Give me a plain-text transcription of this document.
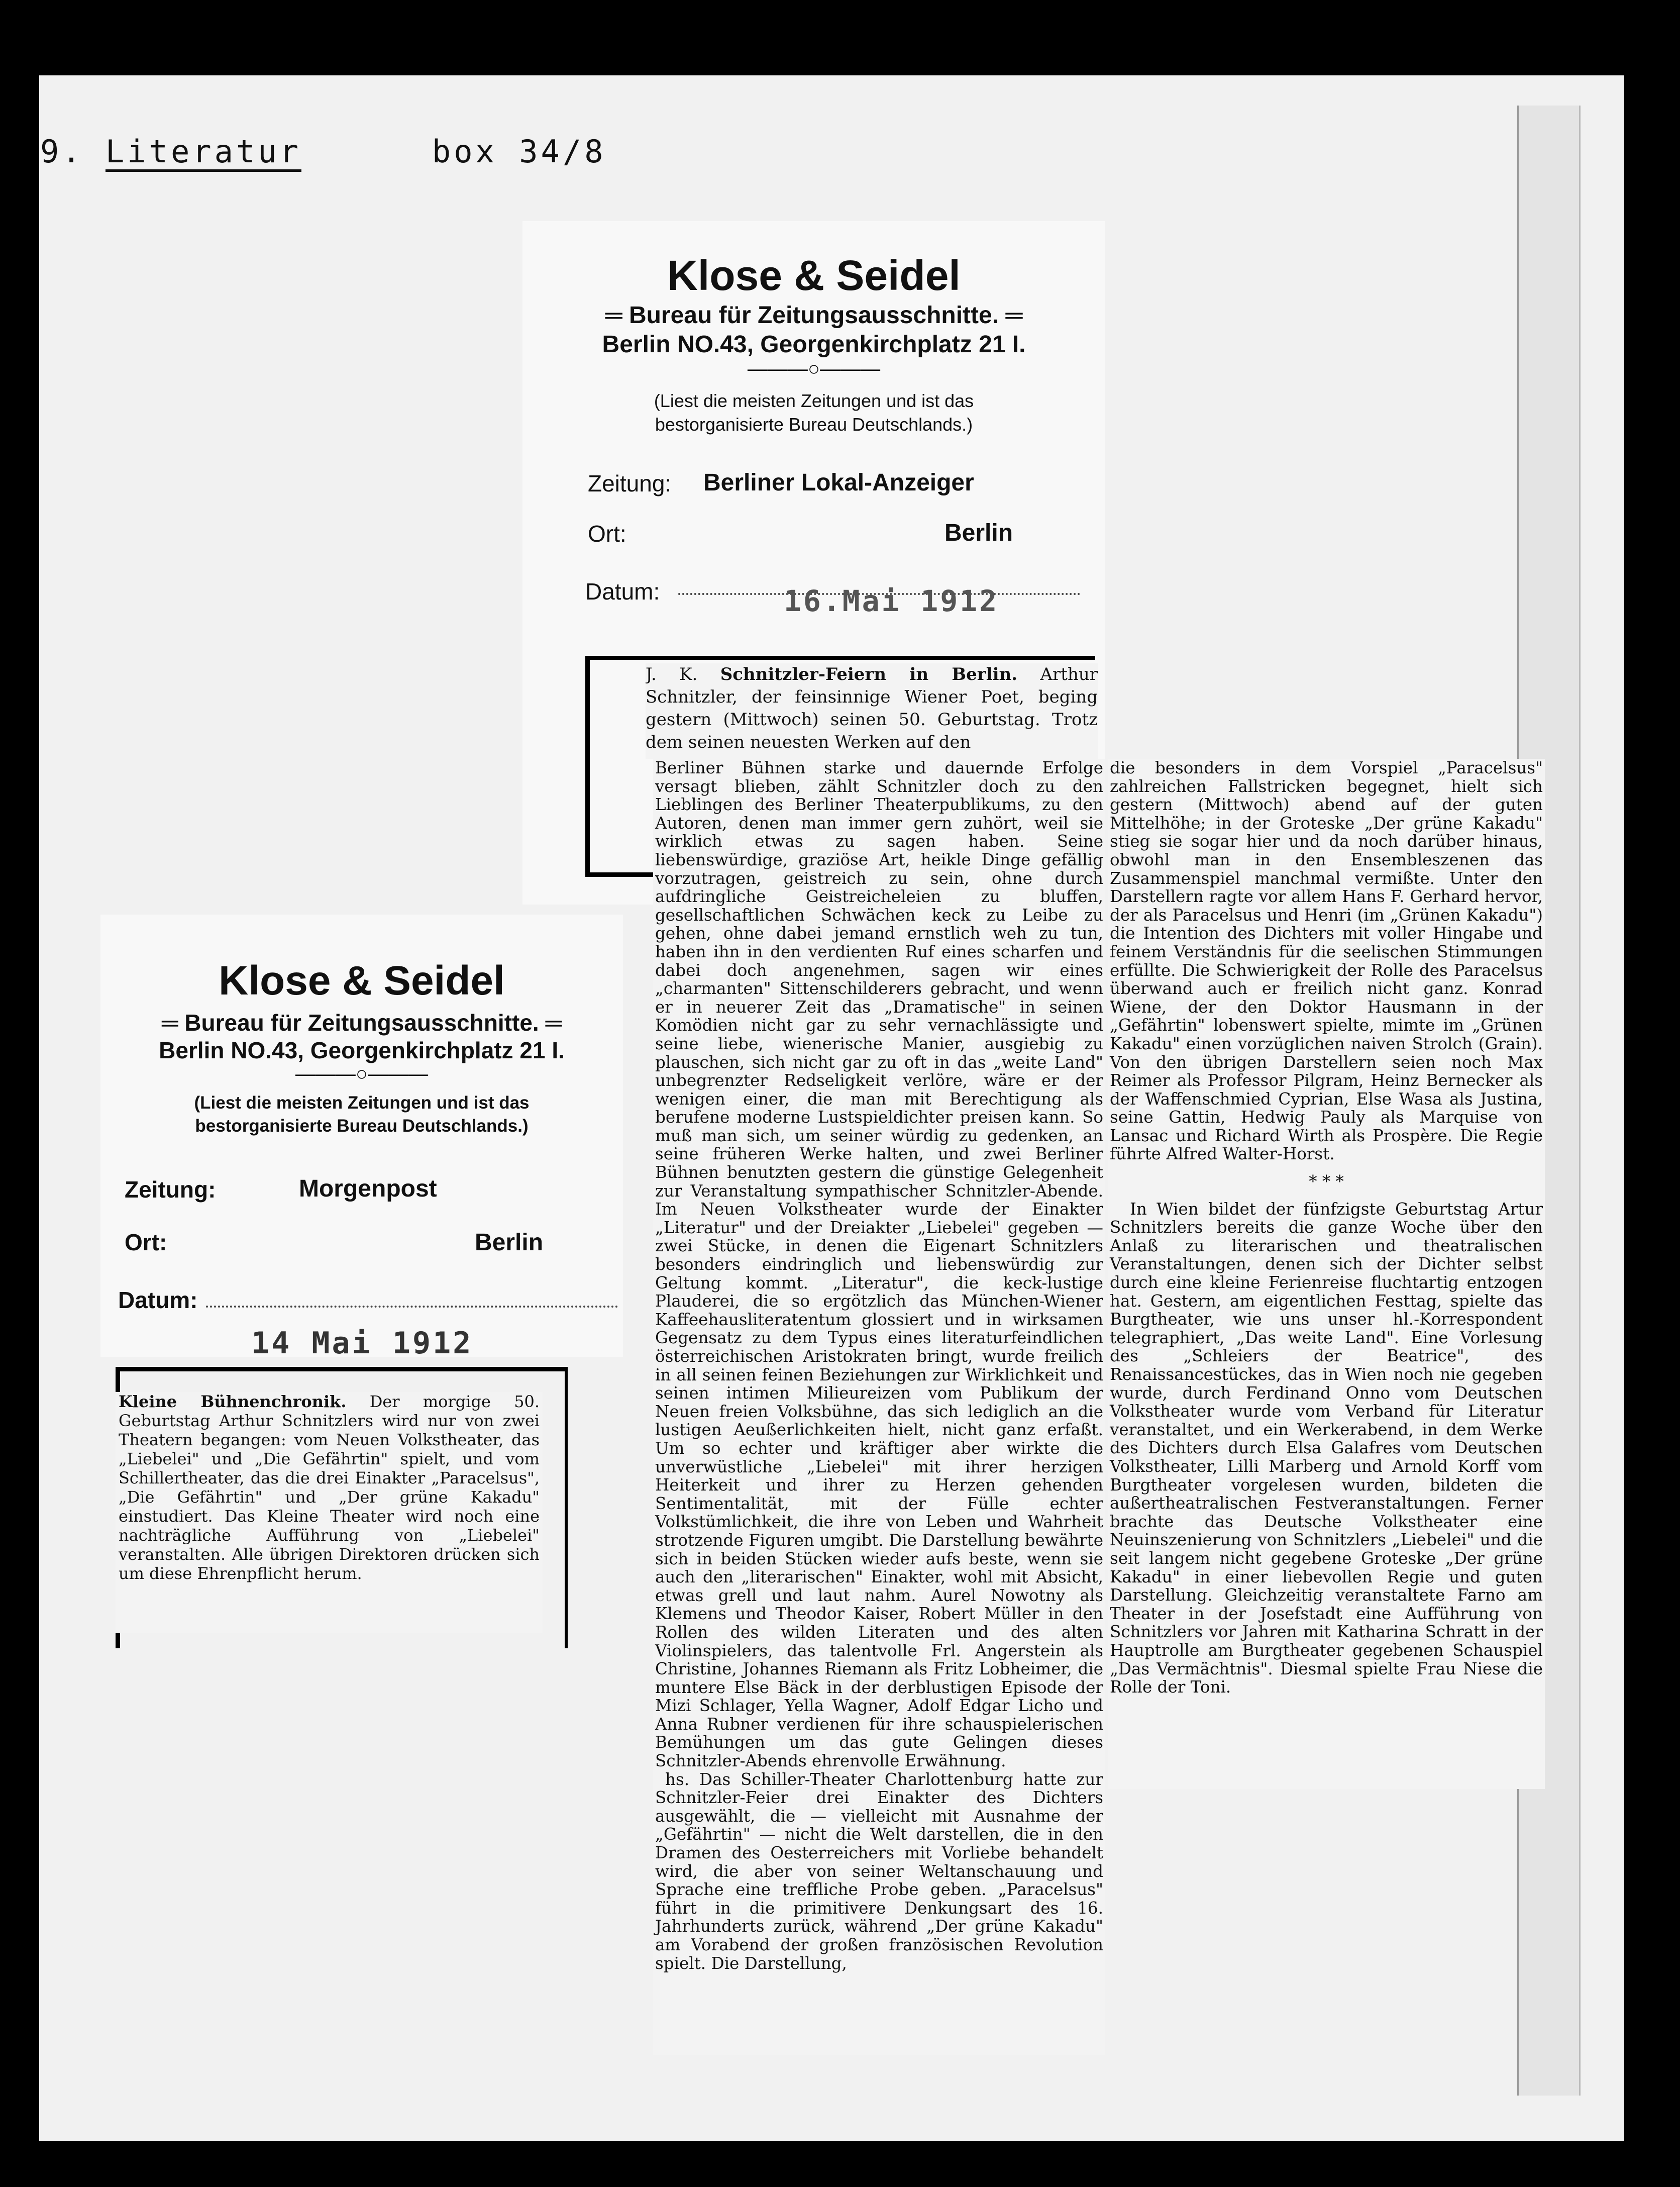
9. Literatur	box 34/8
Klose & Seidel
═ Bureau für Zeitungsausschnitte. ═
Berlin NO.43, Georgenkirchplatz 21 I.
———○———
(Liest die meisten Zeitungen und ist das
bestorganisierte Bureau Deutschlands.)
Zeitung: Berliner Lokal-Anzeiger
Ort:	Berlin
Datum:	16.Mai 1912
Klose & Seidel
═ Bureau für Zeitungsausschnitte. ═
Berlin NO.43, Georgenkirchplatz 21 I.
———○———
(Liest die meisten Zeitungen und ist das
bestorganisierte Bureau Deutschlands.)
Zeitung:	Morgenpost
Ort:	Berlin
Datum:
14 Mai 1912

J. K. Schnitzler-Feiern in Berlin. Arthur Schnitzler, der feinsinnige Wiener Poet, beging gestern (Mittwoch) seinen 50. Geburtstag. Trotz dem seinen neuesten Werken auf den

Berliner Bühnen starke und dauernde Erfolge versagt blieben, zählt Schnitzler doch zu den Lieblingen des Berliner Theaterpublikums, zu den Autoren, denen man immer gern zuhört, weil sie wirklich etwas zu sagen haben. Seine liebenswürdige, graziöse Art, heikle Dinge gefällig vorzutragen, geistreich zu sein, ohne durch aufdringliche Geistreicheleien zu bluffen, gesellschaftlichen Schwächen keck zu Leibe zu gehen, ohne dabei jemand ernstlich weh zu tun, haben ihn in den verdienten Ruf eines scharfen und dabei doch angenehmen, sagen wir eines „charmanten" Sittenschilderers gebracht, und wenn er in neuerer Zeit das „Dramatische" in seinen Komödien nicht gar zu sehr vernachlässigte und seine liebe, wienerische Manier, ausgiebig zu plauschen, sich nicht gar zu oft in das „weite Land" unbegrenzter Redseligkeit verlöre, wäre er der wenigen einer, die man mit Berechtigung als berufene moderne Lustspieldichter preisen kann. So muß man sich, um seiner würdig zu gedenken, an seine früheren Werke halten, und zwei Berliner Bühnen benutzten gestern die günstige Gelegenheit zur Veranstaltung sympathischer Schnitzler-Abende. Im Neuen Volkstheater wurde der Einakter „Literatur" und der Dreiakter „Liebelei" gegeben — zwei Stücke, in denen die Eigenart Schnitzlers besonders eindringlich und liebenswürdig zur Geltung kommt. „Literatur", die keck-lustige Plauderei, die so ergötzlich das München-Wiener Kaffeehausliteratentum glossiert und in wirksamen Gegensatz zu dem Typus eines literaturfeindlichen österreichischen Aristokraten bringt, wurde freilich in all seinen feinen Beziehungen zur Wirklichkeit und seinen intimen Milieureizen vom Publikum der Neuen freien Volksbühne, das sich lediglich an die lustigen Aeußerlichkeiten hielt, nicht ganz erfaßt. Um so echter und kräftiger aber wirkte die unverwüstliche „Liebelei" mit ihrer herzigen Heiterkeit und ihrer zu Herzen gehenden Sentimentalität, mit der Fülle echter Volkstümlichkeit, die ihre von Leben und Wahrheit strotzende Figuren umgibt. Die Darstellung bewährte sich in beiden Stücken wieder aufs beste, wenn sie auch den „literarischen" Einakter, wohl mit Absicht, etwas grell und laut nahm. Aurel Nowotny als Klemens und Theodor Kaiser, Robert Müller in den Rollen des wilden Literaten und des alten Violinspielers, das talentvolle Frl. Angerstein als Christine, Johannes Riemann als Fritz Lobheimer, die muntere Else Bäck in der derblustigen Episode der Mizi Schlager, Yella Wagner, Adolf Edgar Licho und Anna Rubner verdienen für ihre schauspielerischen Bemühungen um das gute Gelingen dieses Schnitzler-Abends ehrenvolle Erwähnung.

hs. Das Schiller-Theater Charlottenburg hatte zur Schnitzler-Feier drei Einakter des Dichters ausgewählt, die — vielleicht mit Ausnahme der „Gefährtin" — nicht die Welt darstellen, die in den Dramen des Oesterreichers mit Vorliebe behandelt wird, die aber von seiner Weltanschauung und Sprache eine treffliche Probe geben. „Paracelsus" führt in die primitivere Denkungsart des 16. Jahrhunderts zurück, während „Der grüne Kakadu" am Vorabend der großen französischen Revolution spielt. Die Darstellung,

die besonders in dem Vorspiel „Paracelsus" zahlreichen Fallstricken begegnet, hielt sich gestern (Mittwoch) abend auf der guten Mittelhöhe; in der Groteske „Der grüne Kakadu" stieg sie sogar hier und da noch darüber hinaus, obwohl man in den Ensembleszenen das Zusammenspiel manchmal vermißte. Unter den Darstellern ragte vor allem Hans F. Gerhard hervor, der als Paracelsus und Henri (im „Grünen Kakadu") die Intention des Dichters mit voller Hingabe und feinem Verständnis für die seelischen Stimmungen erfüllte. Die Schwierigkeit der Rolle des Paracelsus überwand auch er freilich nicht ganz. Konrad Wiene, der den Doktor Hausmann in der „Gefährtin" lobenswert spielte, mimte im „Grünen Kakadu" einen vorzüglichen naiven Strolch (Grain). Von den übrigen Darstellern seien noch Max Reimer als Professor Pilgram, Heinz Bernecker als der Waffenschmied Cyprian, Else Wasa als Justina, seine Gattin, Hedwig Pauly als Marquise von Lansac und Richard Wirth als Prospère. Die Regie führte Alfred Walter-Horst.

* * *

In Wien bildet der fünfzigste Geburtstag Artur Schnitzlers bereits die ganze Woche über den Anlaß zu literarischen und theatralischen Veranstaltungen, denen sich der Dichter selbst durch eine kleine Ferienreise fluchtartig entzogen hat. Gestern, am eigentlichen Festtag, spielte das Burgtheater, wie uns unser hl.-Korrespondent telegraphiert, „Das weite Land". Eine Vorlesung des „Schleiers der Beatrice", des Renaissancestückes, das in Wien noch nie gegeben wurde, durch Ferdinand Onno vom Deutschen Volkstheater wurde vom Verband für Literatur veranstaltet, und ein Werkerabend, in dem Werke des Dichters durch Elsa Galafres vom Deutschen Volkstheater, Lilli Marberg und Arnold Korff vom Burgtheater vorgelesen wurden, bildeten die außertheatralischen Festveranstaltungen. Ferner brachte das Deutsche Volkstheater eine Neuinszenierung von Schnitzlers „Liebelei" und die seit langem nicht gegebene Groteske „Der grüne Kakadu" in einer liebevollen Regie und guten Darstellung. Gleichzeitig veranstaltete Farno am Theater in der Josefstadt eine Aufführung von Schnitzlers vor Jahren mit Katharina Schratt in der Hauptrolle am Burgtheater gegebenen Schauspiel „Das Vermächtnis". Diesmal spielte Frau Niese die Rolle der Toni.

Kleine Bühnenchronik. Der morgige 50. Geburtstag Arthur Schnitzlers wird nur von zwei Theatern begangen: vom Neuen Volkstheater, das „Liebelei" und „Die Gefährtin" spielt, und vom Schillertheater, das die drei Einakter „Paracelsus", „Die Gefährtin" und „Der grüne Kakadu" einstudiert. Das Kleine Theater wird noch eine nachträgliche Aufführung von „Liebelei" veranstalten. Alle übrigen Direktoren drücken sich um diese Ehrenpflicht herum.
